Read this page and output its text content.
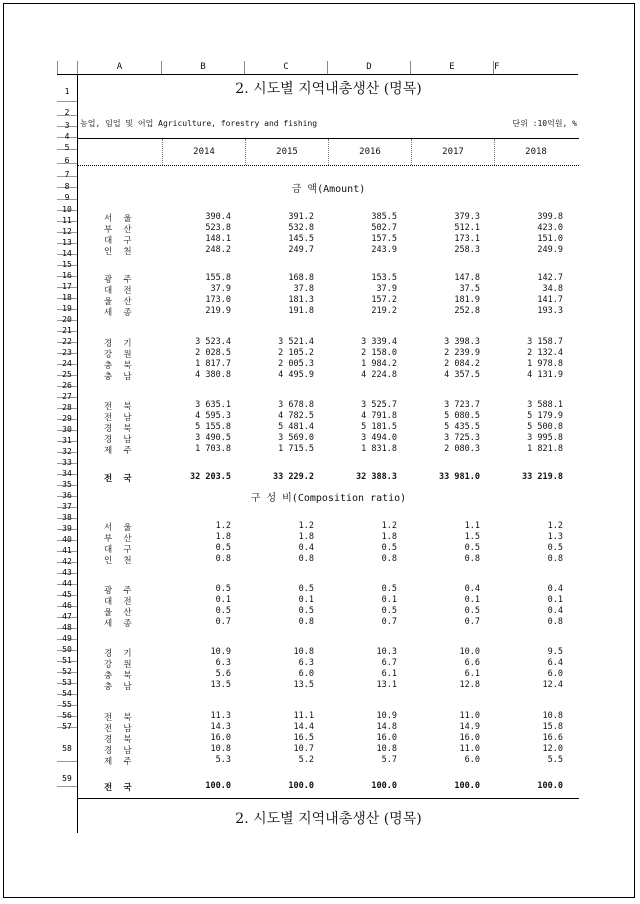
A	B	C	D	E	F
1
2
3
4
5
6
7
8
9
10
11
12
13
14
15
16
17
18
19
20
21
22
23
24
25
26
27
28
29
30
31
32
33
34
35
36
37
38
39
40
41
42
43
44
45
46
47
48
49
50
51
52
53
54
55
56
57
58
59
2. 시도별 지역내총생산 (명목)
농업, 임업 및 어업 Agriculture, forestry and fishing	단위 :10억원, %
2014	2015	2016	2017	2018
금 액(Amount)
구 성 비(Composition ratio)
2. 시도별 지역내총생산 (명목)
서 울	390.4	391.2	385.5	379.3	399.8
부 산	523.8	532.8	502.7	512.1	423.0
대 구	148.1	145.5	157.5	173.1	151.0
인 천	248.2	249.7	243.9	258.3	249.9
광 주	155.8	168.8	153.5	147.8	142.7
대 전	37.9	37.8	37.9	37.5	34.8
울 산	173.0	181.3	157.2	181.9	141.7
세 종	219.9	191.8	219.2	252.8	193.3
경 기	3 523.4	3 521.4	3 339.4	3 398.3	3 158.7
강 원	2 028.5	2 105.2	2 158.0	2 239.9	2 132.4
충 북	1 817.7	2 005.3	1 984.2	2 084.2	1 978.8
충 남	4 380.8	4 495.9	4 224.8	4 357.5	4 131.9
전 북	3 635.1	3 678.8	3 525.7	3 723.7	3 588.1
전 남	4 595.3	4 782.5	4 791.8	5 080.5	5 179.9
경 북	5 155.8	5 481.4	5 181.5	5 435.5	5 500.8
경 남	3 490.5	3 569.0	3 494.0	3 725.3	3 995.8
제 주	1 703.8	1 715.5	1 831.8	2 080.3	1 821.8
전 국	32 203.5	33 229.2	32 388.3	33 981.0	33 219.8
서 울	1.2	1.2	1.2	1.1	1.2
부 산	1.8	1.8	1.8	1.5	1.3
대 구	0.5	0.4	0.5	0.5	0.5
인 천	0.8	0.8	0.8	0.8	0.8
광 주	0.5	0.5	0.5	0.4	0.4
대 전	0.1	0.1	0.1	0.1	0.1
울 산	0.5	0.5	0.5	0.5	0.4
세 종	0.7	0.8	0.7	0.7	0.8
경 기	10.9	10.8	10.3	10.0	9.5
강 원	6.3	6.3	6.7	6.6	6.4
충 북	5.6	6.0	6.1	6.1	6.0
충 남	13.5	13.5	13.1	12.8	12.4
전 북	11.3	11.1	10.9	11.0	10.8
전 남	14.3	14.4	14.8	14.9	15.8
경 북	16.0	16.5	16.0	16.0	16.6
경 남	10.8	10.7	10.8	11.0	12.0
제 주	5.3	5.2	5.7	6.0	5.5
전 국	100.0	100.0	100.0	100.0	100.0
